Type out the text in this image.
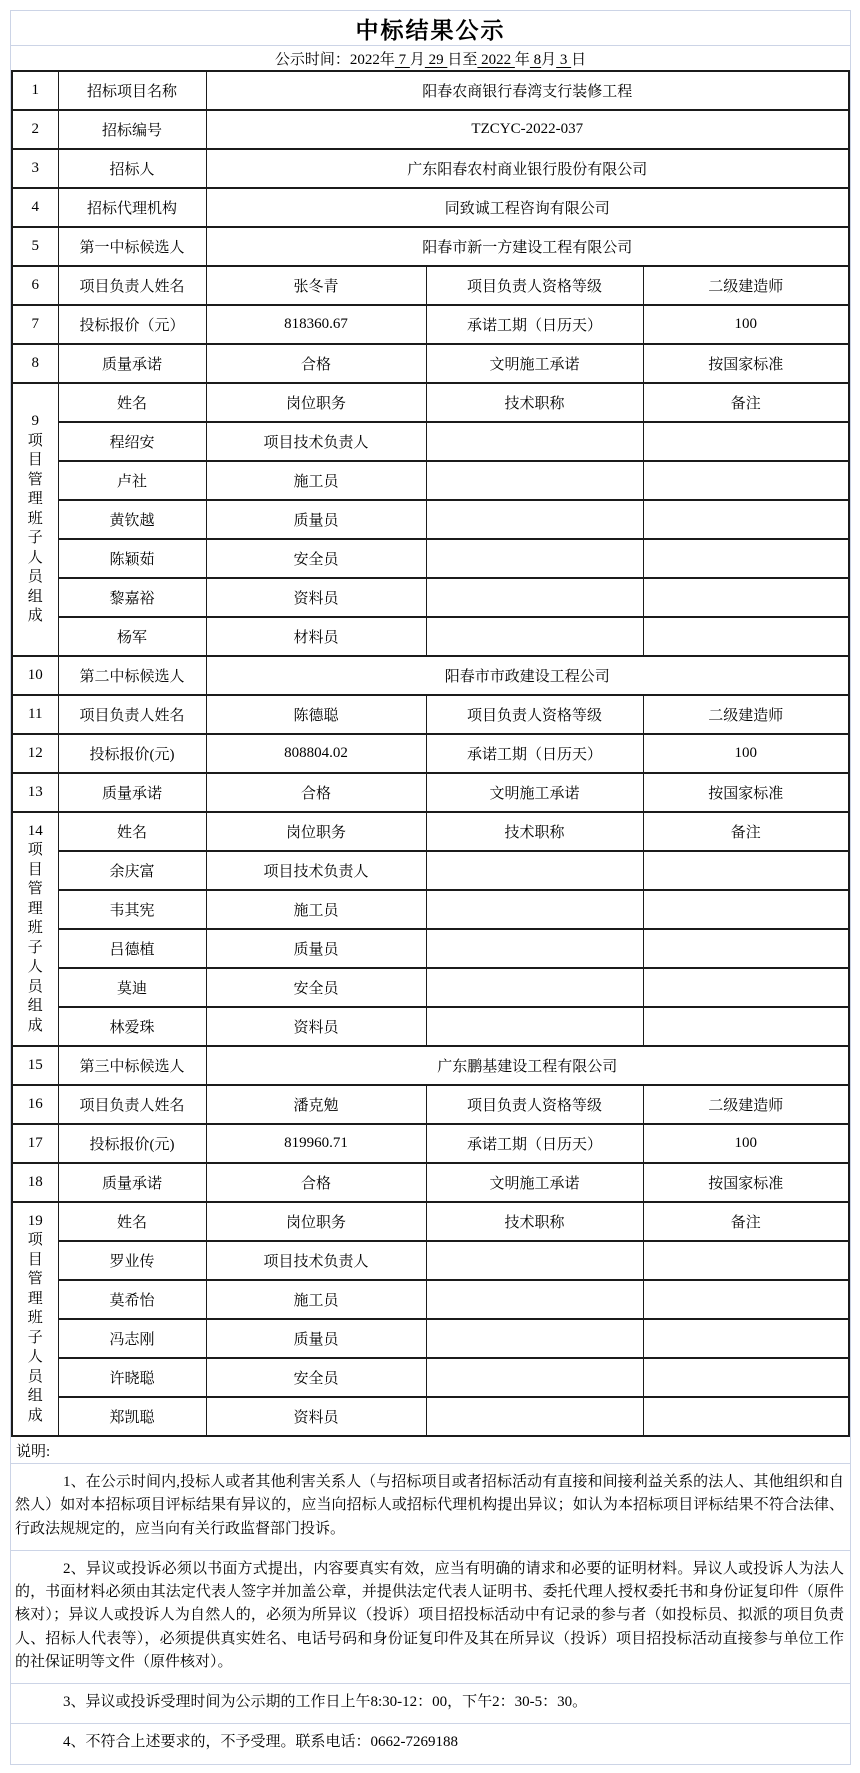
中标结果公示
公示时间： 2022年 7 月 29 日至 2022 年 8月 3 日
1	招标项目名称	阳春农商银行春湾支行装修工程		
2	招标编号	TZCYC-2022-037		
3	招标人	广东阳春农村商业银行股份有限公司		
4	招标代理机构	同致诚工程咨询有限公司		
5	第一中标候选人	阳春市新一方建设工程有限公司		
6	项目负责人姓名	张冬青	项目负责人资格等级	二级建造师
7	投标报价（元）	818360.67	承诺工期（日历天）	100
8	质量承诺	合格	文明施工承诺	按国家标准

9
项
目
管
理
班
子
人
员
组
成
	姓名	岗位职务	技术职称	备注
	程绍安	项目技术负责人		
	卢社	施工员		
	黄钦越	质量员		
	陈颖茹	安全员		
	黎嘉裕	资料员		
	杨军	材料员		
10	第二中标候选人	阳春市市政建设工程公司		
11	项目负责人姓名	陈德聪	项目负责人资格等级	二级建造师
12	投标报价(元)	808804.02	承诺工期（日历天）	100
13	质量承诺	合格	文明施工承诺	按国家标准

14
项
目
管
理
班
子
人
员
组
成
	姓名	岗位职务	技术职称	备注
	余庆富	项目技术负责人		
	韦其宪	施工员		
	吕德植	质量员		
	莫迪	安全员		
	林爱珠	资料员		
15	第三中标候选人	广东鹏基建设工程有限公司		
16	项目负责人姓名	潘克勉	项目负责人资格等级	二级建造师
17	投标报价(元)	819960.71	承诺工期（日历天）	100
18	质量承诺	合格	文明施工承诺	按国家标准

19
项
目
管
理
班
子
人
员
组
成
	姓名	岗位职务	技术职称	备注
	罗业传	项目技术负责人		
	莫希怡	施工员		
	冯志刚	质量员		
	许晓聪	安全员		
	郑凯聪	资料员		
说明:
1、在公示时间内,投标人或者其他利害关系人（与招标项目或者招标活动有直接和间接利益关系的法人、其他组织和自然人）如对本招标项目评标结果有异议的，应当向招标人或招标代理机构提出异议；如认为本招标项目评标结果不符合法律、行政法规规定的，应当向有关行政监督部门投诉。
2、异议或投诉必须以书面方式提出，内容要真实有效，应当有明确的请求和必要的证明材料。异议人或投诉人为法人的，书面材料必须由其法定代表人签字并加盖公章，并提供法定代表人证明书、委托代理人授权委托书和身份证复印件（原件核对）；异议人或投诉人为自然人的，必须为所异议（投诉）项目招投标活动中有记录的参与者（如投标员、拟派的项目负责人、招标人代表等），必须提供真实姓名、电话号码和身份证复印件及其在所异议（投诉）项目招投标活动直接参与单位工作的社保证明等文件（原件核对）。
3、异议或投诉受理时间为公示期的工作日上午8:30-12：00，下午2：30-5：30。
4、不符合上述要求的，不予受理。联系电话：0662-7269188
